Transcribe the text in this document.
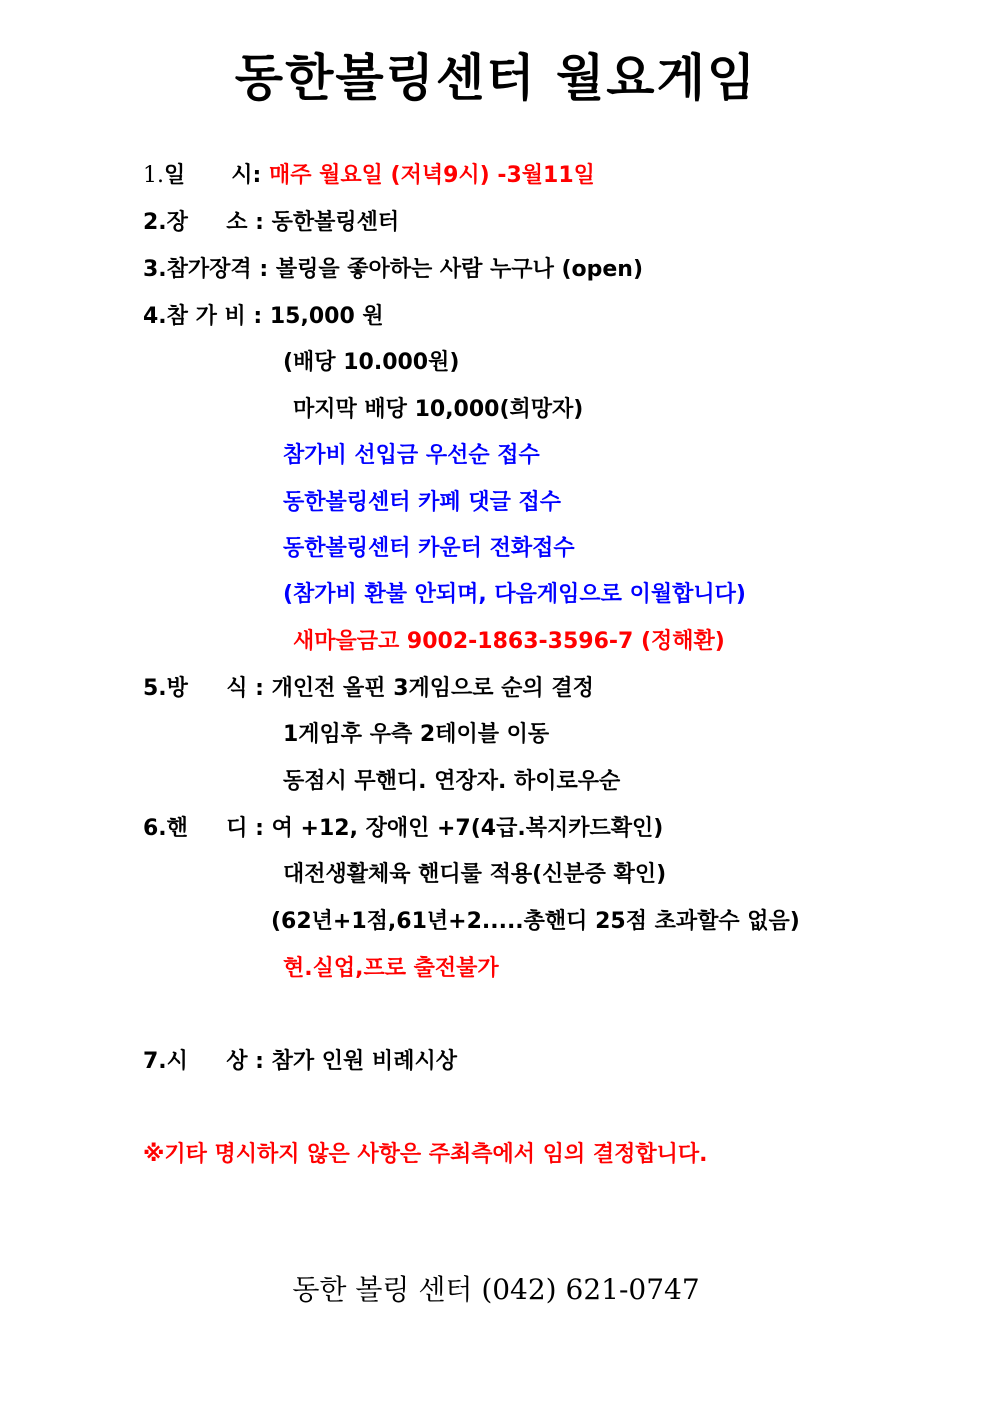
동한볼링센터 월요게임
1.일      시: 매주 월요일 (저녁9시) -3월11일
2.장     소 : 동한볼링센터
3.참가장격 : 볼링을 좋아하는 사람 누구나 (open)
4.참 가 비 : 15,000 원
(배당 10.000원)
마지막 배당 10,000(희망자)
참가비 선입금 우선순 접수
동한볼링센터 카페 댓글 접수
동한볼링센터 카운터 전화접수
(참가비 환불 안되며, 다음게임으로 이월합니다)
새마을금고 9002-1863-3596-7 (정해환)
5.방     식 : 개인전 올핀 3게임으로 순의 결정
1게임후 우측 2테이블 이동
동점시 무핸디. 연장자. 하이로우순
6.핸     디 : 여 +12, 장애인 +7(4급.복지카드확인)
대전생활체육 핸디룰 적용(신분증 확인)
(62년+1점,61년+2.....총핸디 25점 초과할수 없음)
현.실업,프로 출전불가
7.시     상 : 참가 인원 비례시상
※기타 명시하지 않은 사항은 주최측에서 임의 결정합니다.
동한 볼링 센터 (042) 621-0747
